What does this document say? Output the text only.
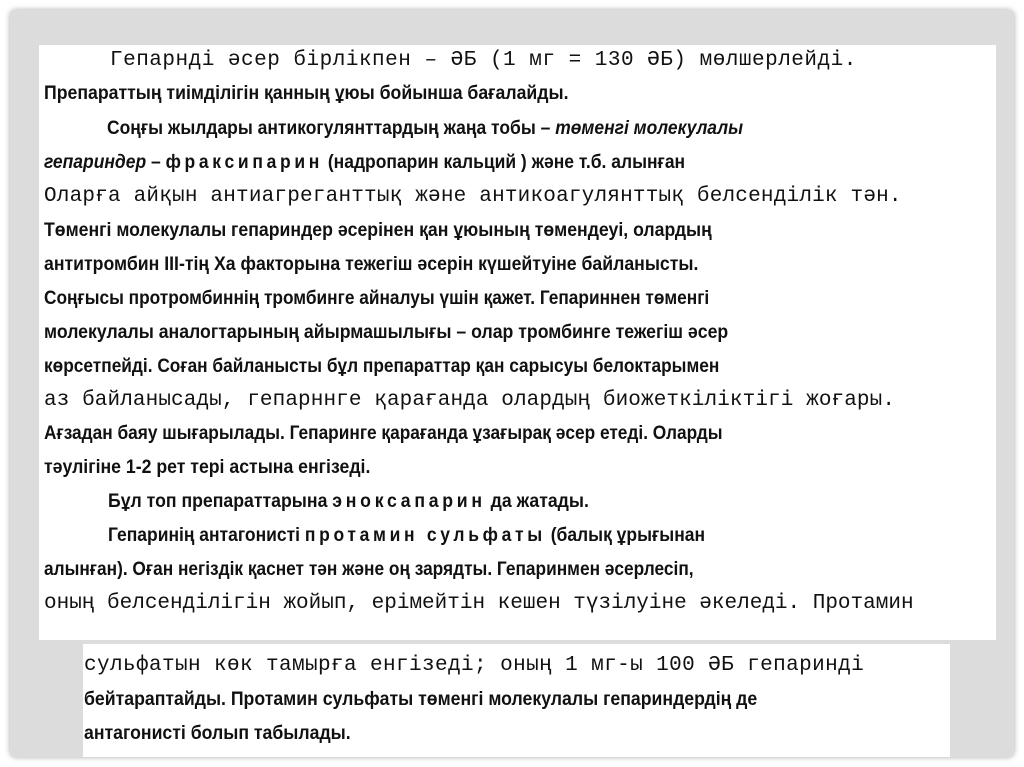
Гепарнді әсер бірлікпен – ӘБ (1 мг = 130 ӘБ) мөлшерлейді.
Препараттың тиімділігін қанның ұюы бойынша бағалайды.
Соңғы жылдары антикогулянттардың жаңа тобы – төменгі молекулалы
гепариндер – фраксипарин (надропарин кальций ) және т.б. алынған
Оларға айқын антиагреганттық және антикоагулянттық белсенділік тән.
Төменгі молекулалы гепариндер әсерінен қан ұюының төмендеуі, олардың
антитромбин III-тің Ха факторына тежегіш әсерін күшейтуіне байланысты.
Соңғысы протромбиннің тромбинге айналуы үшін қажет. Гепариннен төменгі
молекулалы аналогтарының айырмашылығы – олар тромбинге тежегіш әсер
көрсетпейді. Соған байланысты бұл препараттар қан сарысуы белоктарымен
аз байланысады, гепарннге қарағанда олардың биожеткіліктігі жоғары.
Ағзадан баяу шығарылады. Гепаринге қарағанда ұзағырақ әсер етеді. Оларды
тәулігіне 1-2 рет тері астына енгізеді.
Бұл топ препараттарына эноксапарин да жатады.
Гепаринің антагонисті протамин сульфаты (балық ұрығынан
алынған). Оған негіздік қаснет тән және оң зарядты. Гепаринмен әсерлесіп,
оның белсенділігін жойып, ерімейтін кешен түзілуіне әкеледі. Протамин
сульфатын көк тамырға енгізеді; оның 1 мг-ы 100 ӘБ гепаринді
бейтараптайды. Протамин сульфаты төменгі молекулалы гепариндердің де
антагонисті болып табылады.
